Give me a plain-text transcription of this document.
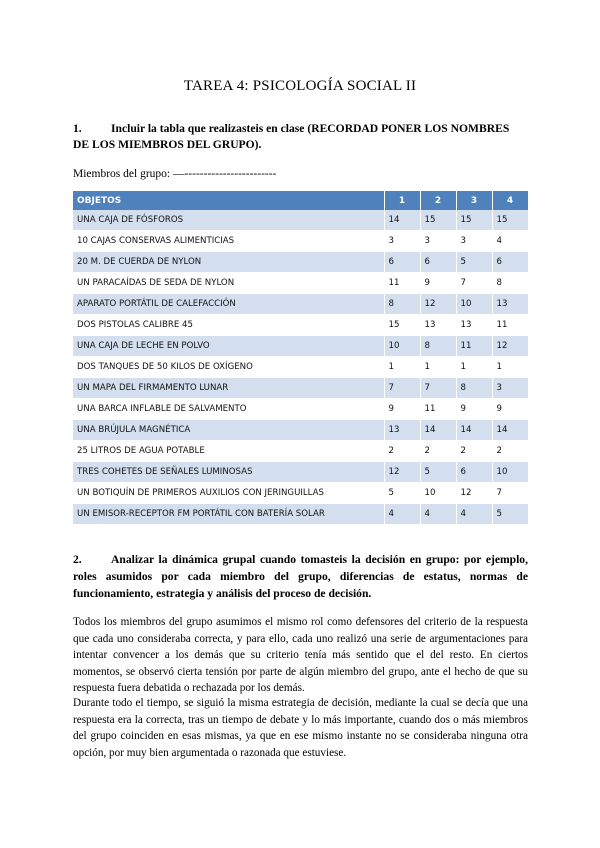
TAREA 4: PSICOLOGÍA SOCIAL II
1.	Incluir la tabla que realizasteis en clase (RECORDAD PONER LOS NOMBRES DE LOS MIEMBROS DEL GRUPO).
Miembros del grupo: —------------------------
OBJETOS	1	2	3	4
UNA CAJA DE FÓSFOROS	14	15	15	15
10 CAJAS CONSERVAS ALIMENTICIAS	3	3	3	4
20 M. DE CUERDA DE NYLON	6	6	5	6
UN PARACAÍDAS DE SEDA DE NYLON	11	9	7	8
APARATO PORTÁTIL DE CALEFACCIÓN	8	12	10	13
DOS PISTOLAS CALIBRE 45	15	13	13	11
UNA CAJA DE LECHE EN POLVO	10	8	11	12
DOS TANQUES DE 50 KILOS DE OXÍGENO	1	1	1	1
UN MAPA DEL FIRMAMENTO LUNAR	7	7	8	3
UNA BARCA INFLABLE DE SALVAMENTO	9	11	9	9
UNA BRÚJULA MAGNÉTICA	13	14	14	14
25 LITROS DE AGUA POTABLE	2	2	2	2
TRES COHETES DE SEÑALES LUMINOSAS	12	5	6	10
UN BOTIQUÍN DE PRIMEROS AUXILIOS CON JERINGUILLAS	5	10	12	7
UN EMISOR-RECEPTOR FM PORTÁTIL CON BATERÍA SOLAR	4	4	4	5
2.	Analizar la dinámica grupal cuando tomasteis la decisión en grupo: por ejemplo, roles asumidos por cada miembro del grupo, diferencias de estatus, normas de funcionamiento, estrategia y análisis del proceso de decisión.
Todos los miembros del grupo asumimos el mismo rol como defensores del criterio de la respuesta que cada uno consideraba correcta, y para ello, cada uno realizó una serie de argumentaciones para intentar convencer a los demás que su criterio tenía más sentido que el del resto. En ciertos momentos, se observó cierta tensión por parte de algún miembro del grupo, ante el hecho de que su respuesta fuera debatida o rechazada por los demás.
Durante todo el tiempo, se siguió la misma estrategia de decisión, mediante la cual se decía que una respuesta era la correcta, tras un tiempo de debate y lo más importante, cuando dos o más miembros del grupo coinciden en esas mismas, ya que en ese mismo instante no se consideraba ninguna otra opción, por muy bien argumentada o razonada que estuviese.
